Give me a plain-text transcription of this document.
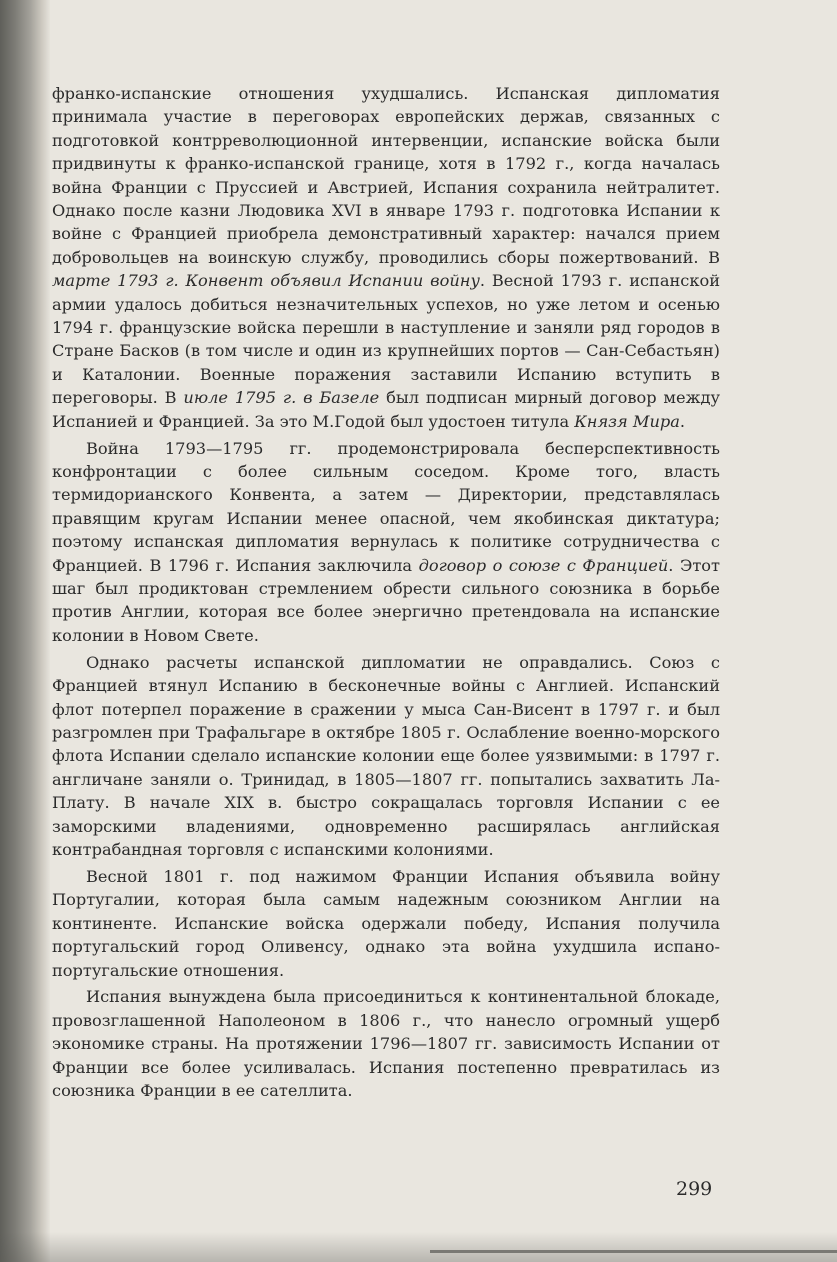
франко-испанские отношения ухудшались. Испанская дипломатия принимала участие в переговорах европейских держав, связанных с подготовкой контрреволюционной интервенции, испанские войска были придвинуты к франко-испанской границе, хотя в 1792 г., когда началась война Франции с Пруссией и Австрией, Испания сохранила нейтралитет. Однако после казни Людовика XVI в январе 1793 г. подготовка Испании к войне с Францией приобрела демонстративный характер: начался прием добровольцев на воинскую службу, проводились сборы пожертвований. В марте 1793 г. Конвент объявил Испании войну. Весной 1793 г. испанской армии удалось добиться незначительных успехов, но уже летом и осенью 1794 г. французские войска перешли в наступление и заняли ряд городов в Стране Басков (в том числе и один из крупнейших портов — Сан-Себастьян) и Каталонии. Военные поражения заставили Испанию вступить в переговоры. В июле 1795 г. в Базеле был подписан мирный договор между Испанией и Францией. За это М.Годой был удостоен титула Князя Мира.

Война 1793—1795 гг. продемонстрировала бесперспективность конфронтации с более сильным соседом. Кроме того, власть термидорианского Конвента, а затем — Директории, представлялась правящим кругам Испании менее опасной, чем якобинская диктатура; поэтому испанская дипломатия вернулась к политике сотрудничества с Францией. В 1796 г. Испания заключила договор о союзе с Францией. Этот шаг был продиктован стремлением обрести сильного союзника в борьбе против Англии, которая все более энергично претендовала на испанские колонии в Новом Свете.

Однако расчеты испанской дипломатии не оправдались. Союз с Францией втянул Испанию в бесконечные войны с Англией. Испанский флот потерпел поражение в сражении у мыса Сан-Висент в 1797 г. и был разгромлен при Трафальгаре в октябре 1805 г. Ослабление военно-морского флота Испании сделало испанские колонии еще более уязвимыми: в 1797 г. англичане заняли о. Тринидад, в 1805—1807 гг. попытались захватить Ла-Плату. В начале XIX в. быстро сокращалась торговля Испании с ее заморскими владениями, одновременно расширялась английская контрабандная торговля с испанскими колониями.

Весной 1801 г. под нажимом Франции Испания объявила войну Португалии, которая была самым надежным союзником Англии на континенте. Испанские войска одержали победу, Испания получила португальский город Оливенсу, однако эта война ухудшила испано-португальские отношения.

Испания вынуждена была присоединиться к континентальной блокаде, провозглашенной Наполеоном в 1806 г., что нанесло огромный ущерб экономике страны. На протяжении 1796—1807 гг. зависимость Испании от Франции все более усиливалась. Испания постепенно превратилась из союзника Франции в ее сателлита.

299
